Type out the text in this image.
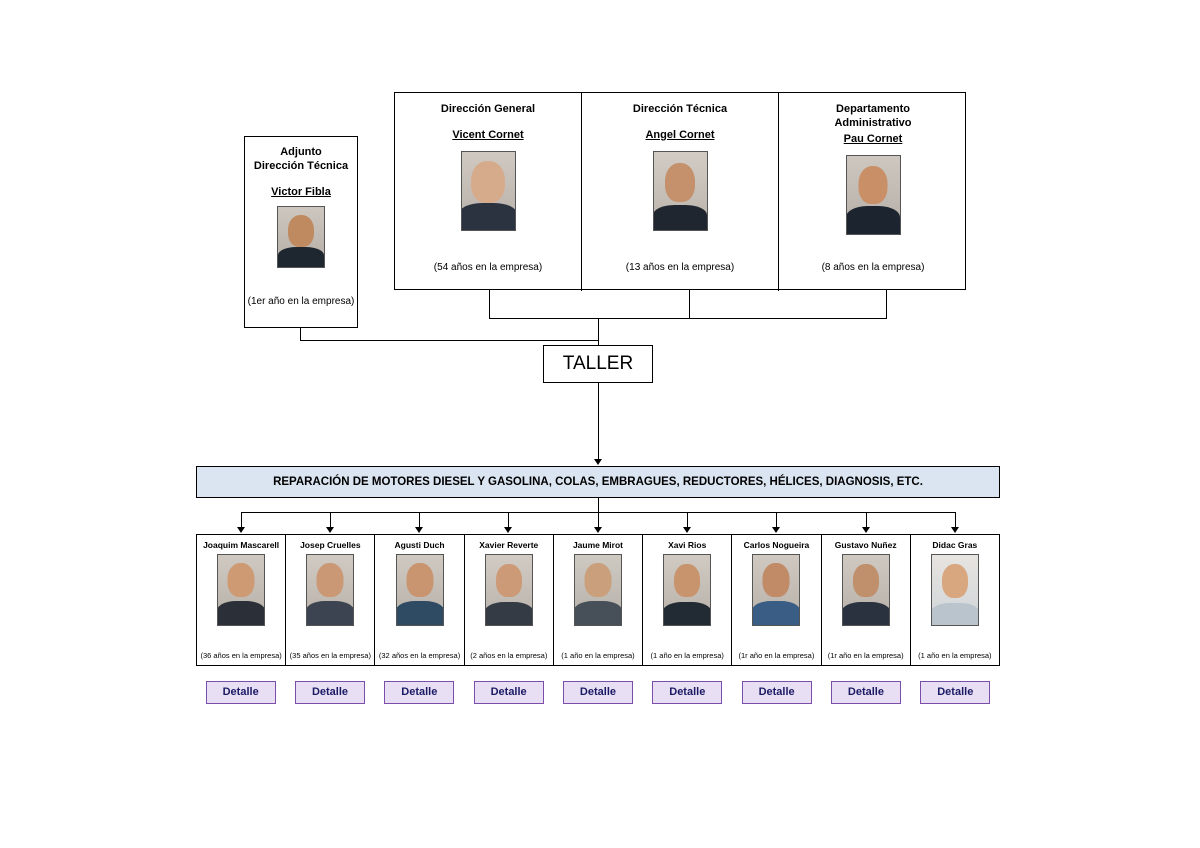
Dirección General
Vicent Cornet
(54 años en la empresa)
Dirección Técnica
Angel Cornet
(13 años en la empresa)
Departamento
Administrativo
Pau Cornet
(8 años en la empresa)
Adjunto
Dirección Técnica
Victor Fibla
(1er año en la empresa)
TALLER
REPARACIÓN DE MOTORES DIESEL Y GASOLINA, COLAS, EMBRAGUES, REDUCTORES, HÉLICES, DIAGNOSIS, ETC.
Joaquim Mascarell
(36 años en la empresa)
Josep Cruelles
(35 años en la empresa)
Agusti Duch
(32 años en la empresa)
Xavier Reverte
(2 años en la empresa)
Jaume Mirot
(1 año en la empresa)
Xavi Rios
(1 año en la empresa)
Carlos Nogueira
(1r año en la empresa)
Gustavo Nuñez
(1r año en la empresa)
Didac Gras
(1 año en la empresa)
Detalle	Detalle	Detalle	Detalle	Detalle	Detalle	Detalle	Detalle	Detalle
